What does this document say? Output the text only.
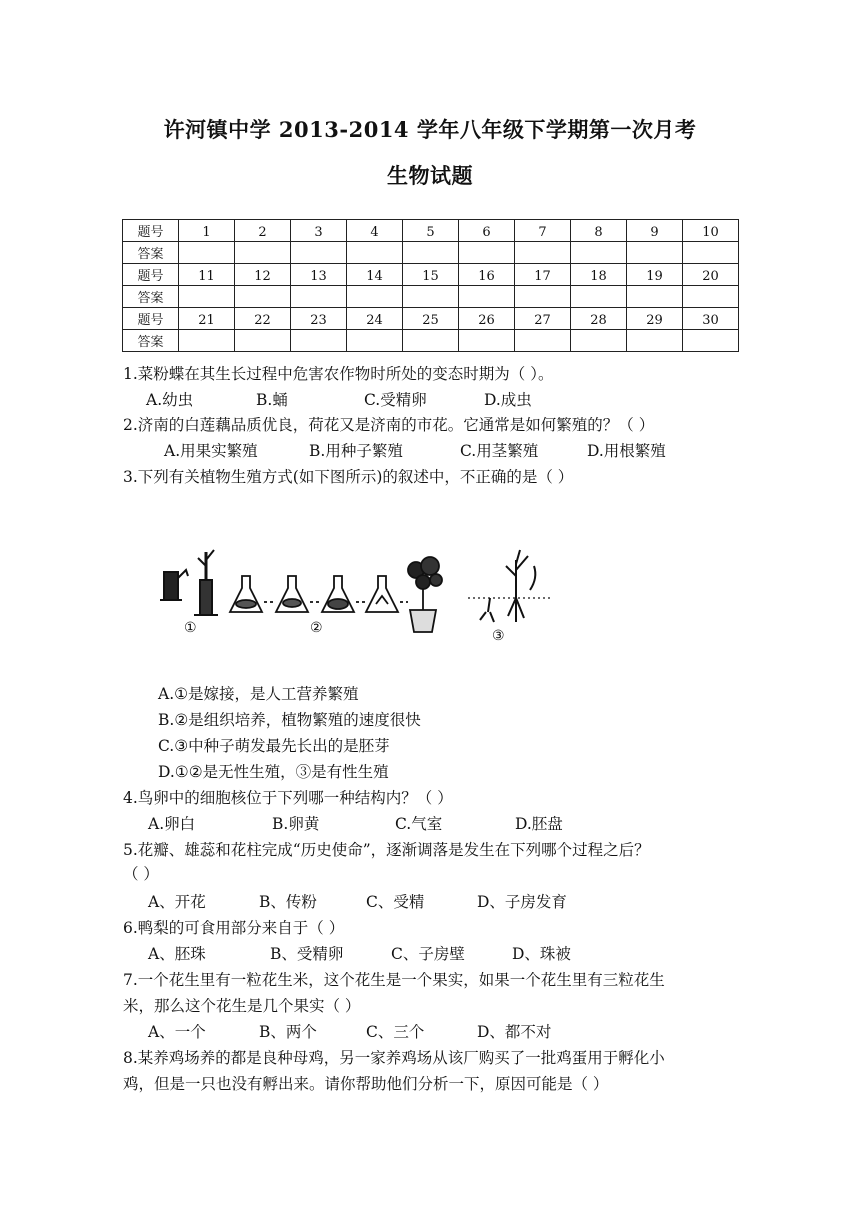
许河镇中学 2013-2014 学年八年级下学期第一次月考
生物试题
题号	1	2	3	4	5	6	7	8	9	10
答案										
题号	11	12	13	14	15	16	17	18	19	20
答案										
题号	21	22	23	24	25	26	27	28	29	30
答案										
1.菜粉蝶在其生长过程中危害农作物时所处的变态时期为（ ）。
A.幼虫	B.蛹	C.受精卵	D.成虫
2.济南的白莲藕品质优良，荷花又是济南的市花。它通常是如何繁殖的？（ ）
A.用果实繁殖	B.用种子繁殖	C.用茎繁殖	D.用根繁殖
3.下列有关植物生殖方式(如下图所示)的叙述中，不正确的是（ ）
①	②	③
A.①是嫁接，是人工营养繁殖
B.②是组织培养，植物繁殖的速度很快
C.③中种子萌发最先长出的是胚芽
D.①②是无性生殖，③是有性生殖
4.鸟卵中的细胞核位于下列哪一种结构内？（ ）
A.卵白	B.卵黄	C.气室	D.胚盘
5.花瓣、雄蕊和花柱完成“历史使命”，逐渐调落是发生在下列哪个过程之后？
（ ）
A、开花	B、传粉	C、受精	D、子房发育
6.鸭梨的可食用部分来自于（ ）
A、胚珠	B、受精卵	C、子房壁	D、珠被
7.一个花生里有一粒花生米，这个花生是一个果实，如果一个花生里有三粒花生
米，那么这个花生是几个果实（ ）
A、一个	B、两个	C、三个	D、都不对
8.某养鸡场养的都是良种母鸡，另一家养鸡场从该厂购买了一批鸡蛋用于孵化小
鸡，但是一只也没有孵出来。请你帮助他们分析一下，原因可能是（ ）
